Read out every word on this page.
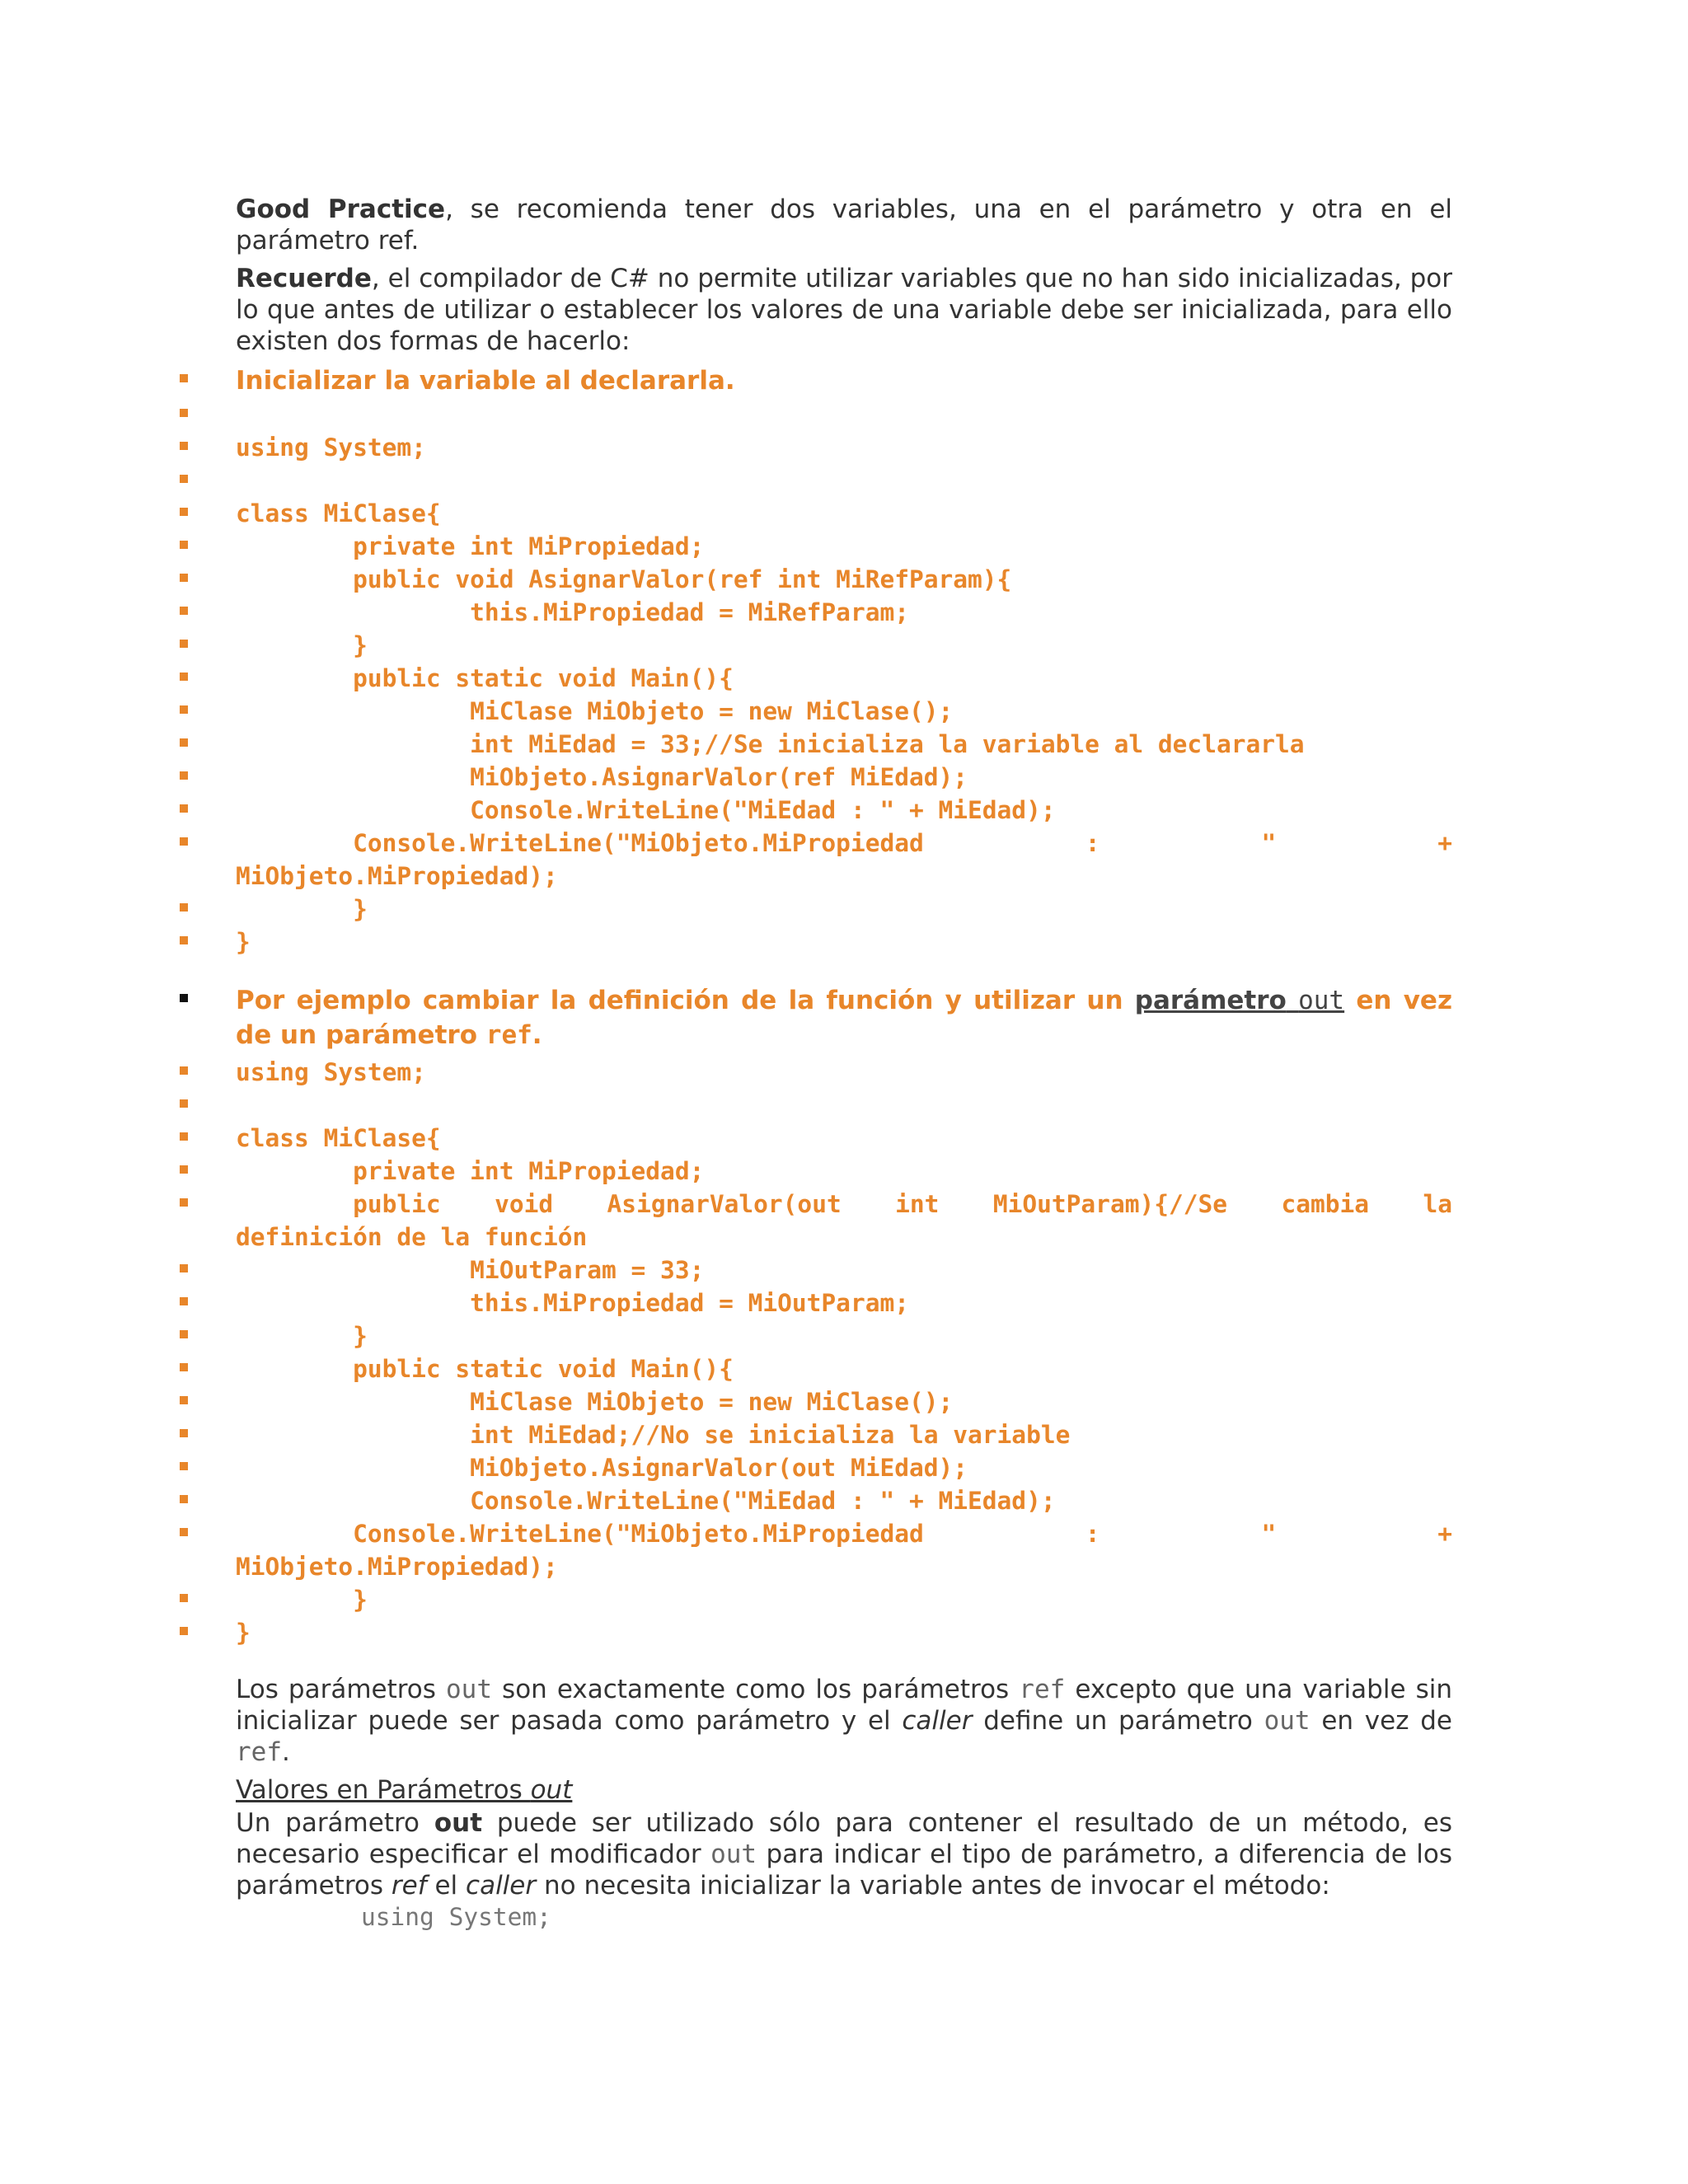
Good Practice, se recomienda tener dos variables, una en el parámetro y otra en el parámetro ref.

Recuerde, el compilador de C# no permite utilizar variables que no han sido inicializadas, por lo que antes de utilizar o establecer los valores de una variable debe ser inicializada, para ello existen dos formas de hacerlo:

Inicializar la variable al declararla.
using System;
class MiClase{
private int MiPropiedad;
public void AsignarValor(ref int MiRefParam){
this.MiPropiedad = MiRefParam;
}
public static void Main(){
MiClase MiObjeto = new MiClase();
int MiEdad = 33;//Se inicializa la variable al declararla
MiObjeto.AsignarValor(ref MiEdad);
Console.WriteLine("MiEdad : " + MiEdad);
Console.WriteLine("MiObjeto.MiPropiedad	:	"	+
MiObjeto.MiPropiedad);
}
}
Por ejemplo cambiar la definición de la función y utilizar un parámetro out en vez de un parámetro ref.
using System;
class MiClase{
private int MiPropiedad;
public void AsignarValor(out int MiOutParam){//Se cambia la
definición de la función
MiOutParam = 33;
this.MiPropiedad = MiOutParam;
}
public static void Main(){
MiClase MiObjeto = new MiClase();
int MiEdad;//No se inicializa la variable
MiObjeto.AsignarValor(out MiEdad);
Console.WriteLine("MiEdad : " + MiEdad);
Console.WriteLine("MiObjeto.MiPropiedad	:	"	+
MiObjeto.MiPropiedad);
}
}

Los parámetros out son exactamente como los parámetros ref excepto que una variable sin inicializar puede ser pasada como parámetro y el caller define un parámetro out en vez de ref.

Valores en Parámetros out

Un parámetro out puede ser utilizado sólo para contener el resultado de un método, es necesario especificar el modificador out para indicar el tipo de parámetro, a diferencia de los parámetros ref el caller no necesita inicializar la variable antes de invocar el método:

using System;
